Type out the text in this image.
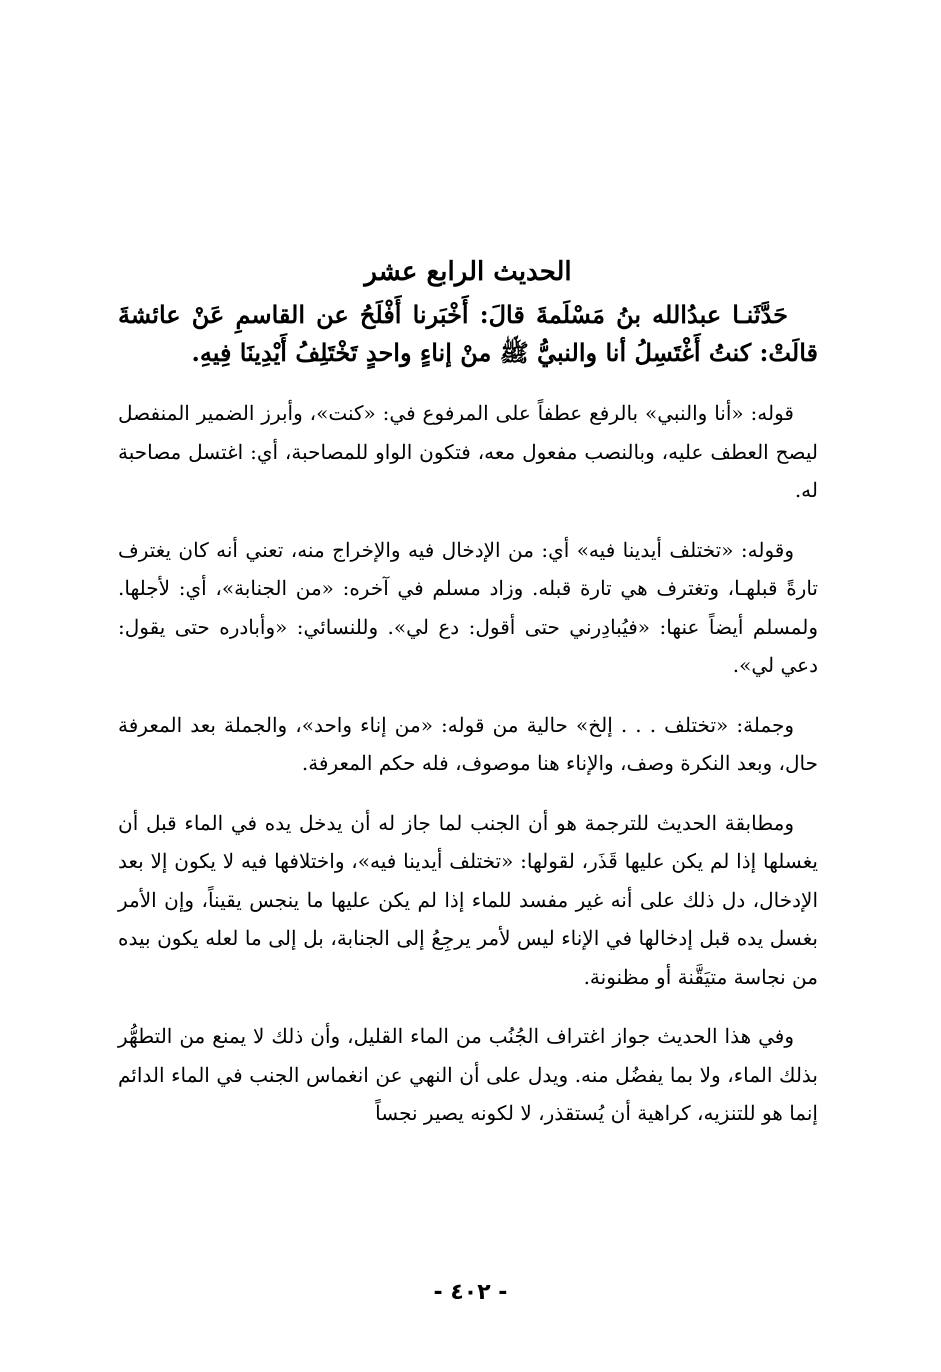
الحديث الرابع عشر

حَدَّثَنـا عبدُالله بنُ مَسْلَمةَ قالَ: أَخْبَرنا أَفْلَحُ عن القاسمِ عَنْ عائشةَ قالَتْ: كنتُ أَغْتَسِلُ أنا والنبيُّ ﷺ منْ إناءٍ واحدٍ تَخْتَلِفُ أَيْدِينَا فِيهِ.

قوله: «أنا والنبي» بالرفع عطفاً على المرفوع في: «كنت»، وأبرز الضمير المنفصل ليصح العطف عليه، وبالنصب مفعول معه، فتكون الواو للمصاحبة، أي: اغتسل مصاحبة له.

وقوله: «تختلف أيدينا فيه» أي: من الإدخال فيه والإخراج منه، تعني أنه كان يغترف تارةً قبلهـا، وتغترف هي تارة قبله. وزاد مسلم في آخره: «من الجنابة»، أي: لأجلها. ولمسلم أيضاً عنها: «فيُبادِرني حتى أقول: دع لي». وللنسائي: «وأبادره حتى يقول: دعي لي».

وجملة: «تختلف . . . إلخ» حالية من قوله: «من إناء واحد»، والجملة بعد المعرفة حال، وبعد النكرة وصف، والإناء هنا موصوف، فله حكم المعرفة.

ومطابقة الحديث للترجمة هو أن الجنب لما جاز له أن يدخل يده في الماء قبل أن يغسلها إذا لم يكن عليها قَذَر، لقولها: «تختلف أيدينا فيه»، واختلافها فيه لا يكون إلا بعد الإدخال، دل ذلك على أنه غير مفسد للماء إذا لم يكن عليها ما ينجس يقيناً، وإن الأمر بغسل يده قبل إدخالها في الإناء ليس لأمر يرجِعُ إلى الجنابة، بل إلى ما لعله يكون بيده من نجاسة متيَقَّنة أو مظنونة.

وفي هذا الحديث جواز اغتراف الجُنُب من الماء القليل، وأن ذلك لا يمنع من التطهُّر بذلك الماء، ولا بما يفضُل منه. ويدل على أن النهي عن انغماس الجنب في الماء الدائم إنما هو للتنزيه، كراهية أن يُستقذر، لا لكونه يصير نجساً

- ٤٠٢ -
